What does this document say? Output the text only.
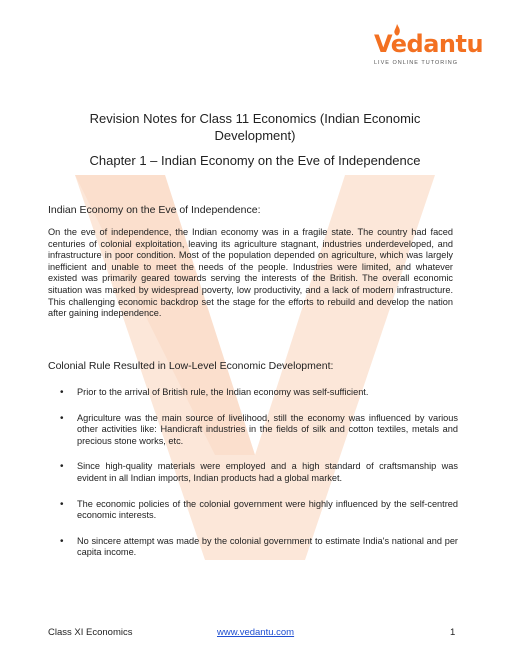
Vedantu
LIVE ONLINE TUTORING
Revision Notes for Class 11 Economics (Indian Economic Development)
Chapter 1 – Indian Economy on the Eve of Independence
Indian Economy on the Eve of Independence:

On the eve of independence, the Indian economy was in a fragile state. The country had faced centuries of colonial exploitation, leaving its agriculture stagnant, industries underdeveloped, and infrastructure in poor condition. Most of the population depended on agriculture, which was largely inefficient and unable to meet the needs of the people. Industries were limited, and whatever existed was primarily geared towards serving the interests of the British. The overall economic situation was marked by widespread poverty, low productivity, and a lack of modern infrastructure. This challenging economic backdrop set the stage for the efforts to rebuild and develop the nation after gaining independence.

Colonial Rule Resulted in Low-Level Economic Development:
• Prior to the arrival of British rule, the Indian economy was self-sufficient.
• Agriculture was the main source of livelihood, still the economy was influenced by various other activities like: Handicraft industries in the fields of silk and cotton textiles, metals and precious stone works, etc.
• Since high-quality materials were employed and a high standard of craftsmanship was evident in all Indian imports, Indian products had a global market.
• The economic policies of the colonial government were highly influenced by the self-centred economic interests.
• No sincere attempt was made by the colonial government to estimate India's national and per capita income.
Class XI Economics	www.vedantu.com	1
